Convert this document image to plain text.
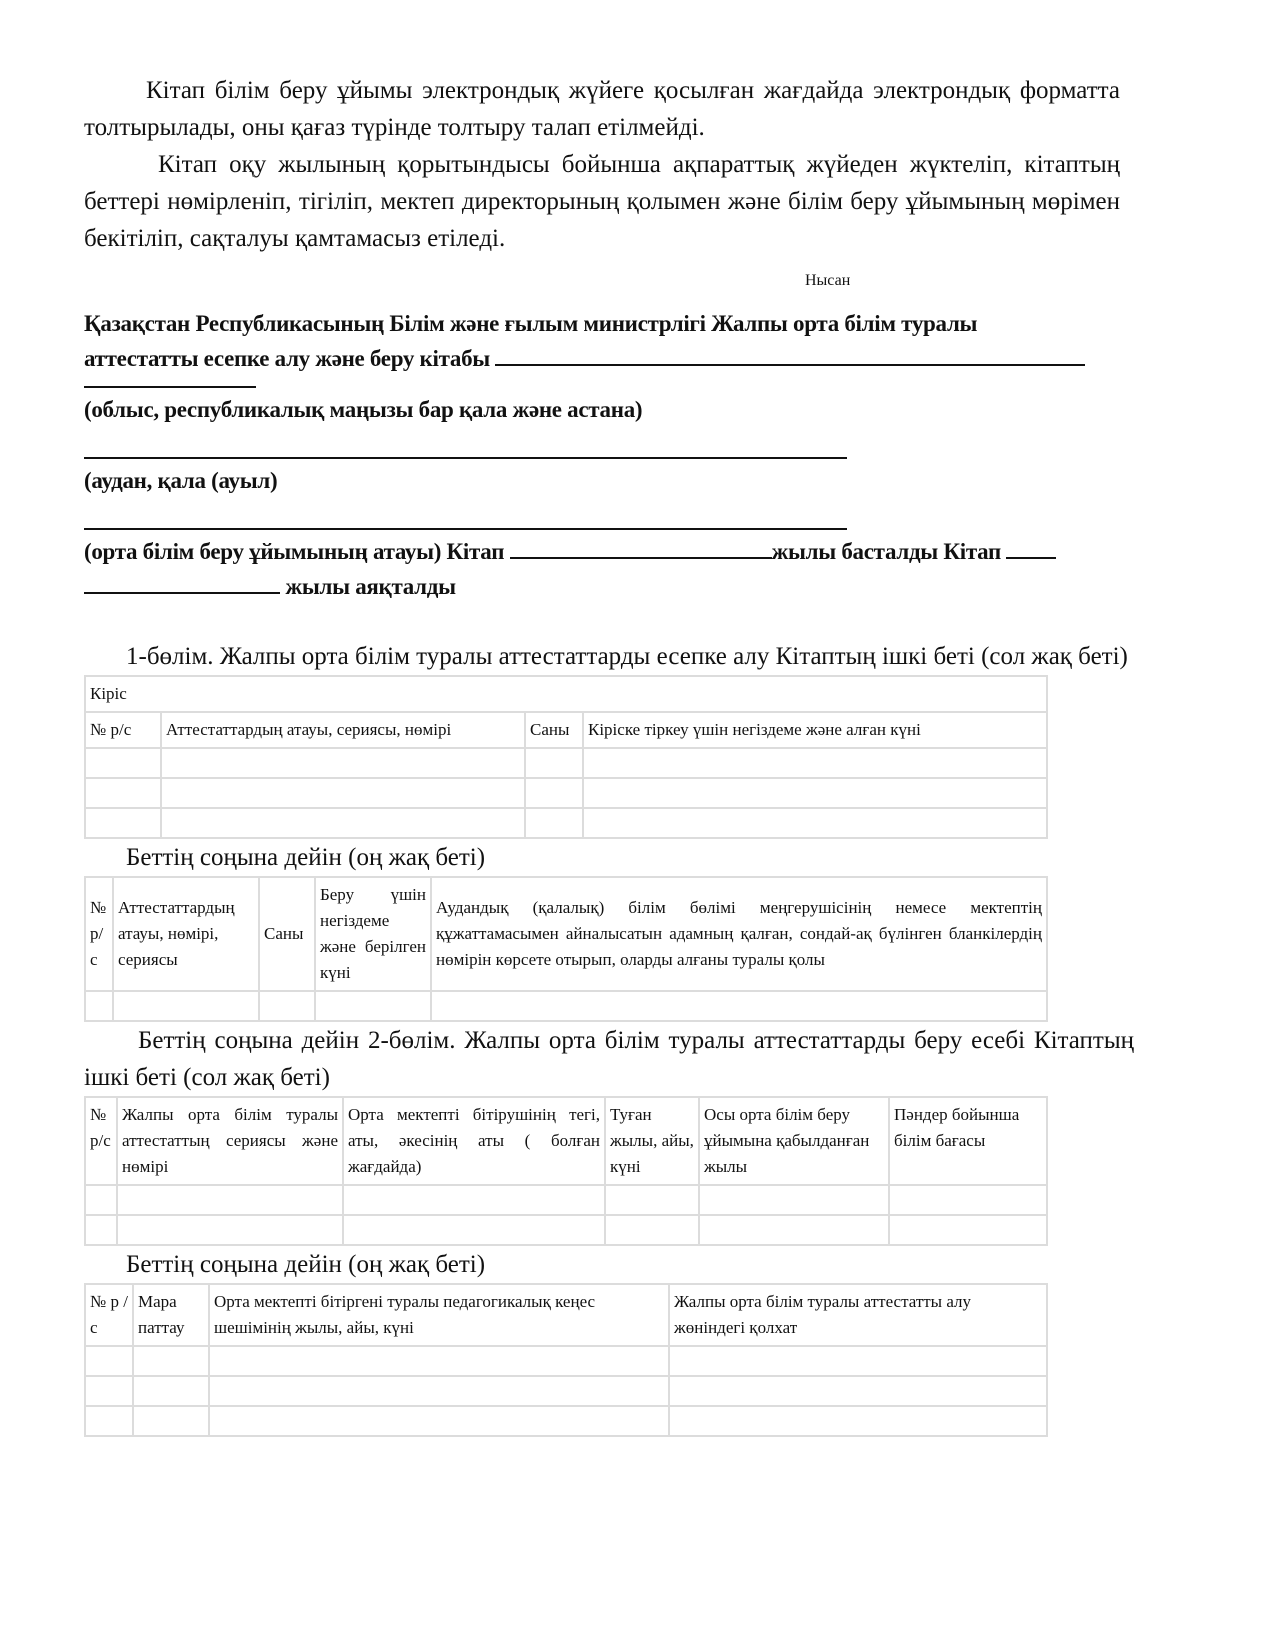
Кітап білім беру ұйымы электрондық жүйеге қосылған жағдайда электрондық форматта толтырылады, оны қағаз түрінде толтыру талап етілмейді.

Кітап оқу жылының қорытындысы бойынша ақпараттық жүйеден жүктеліп, кітаптың беттері нөмірленіп, тігіліп, мектеп директорының қолымен және білім беру ұйымының мөрімен бекітіліп, сақталуы қамтамасыз етіледі.

Нысан

Қазақстан Республикасының Білім және ғылым министрлігі Жалпы орта білім туралы

аттестатты есепке алу және беру кітабы

(облыс, республикалық маңызы бар қала және астана)

(аудан, қала (ауыл)

(орта білім беру ұйымының атауы) Кітап	жылы басталды Кітап

жылы аяқталды

1-бөлім. Жалпы орта білім туралы аттестаттарды есепке алу Кітаптың ішкі беті (сол жақ беті)

Кіріс			
№ р/с	Аттестаттардың атауы, сериясы, нөмірі	Саны	Кіріске тіркеу үшін негіздеме және алған күні

Беттің соңына дейін (оң жақ беті)

№ р/с	Аттестаттардың атауы, нөмірі, сериясы	Саны	Беру үшін негіздеме және берілген күні	Аудандық (қалалық) білім бөлімі меңгерушісінің немесе мектептің құжаттамасымен айналысатын адамның қалған, сондай-ақ бүлінген бланкілердің нөмірін көрсете отырып, оларды алғаны туралы қолы

Беттің соңына дейін 2-бөлім. Жалпы орта білім туралы аттестаттарды беру есебі Кітаптың ішкі беті (сол жақ беті)

№ р/с	Жалпы орта білім туралы аттестаттың сериясы және нөмірі	Орта мектепті бітірушінің тегі, аты, әкесінің аты ( болған жағдайда)	Туған жылы, айы, күні	Осы орта білім беру ұйымына қабылданған жылы	Пәндер бойынша білім бағасы

Беттің соңына дейін (оң жақ беті)

№ р /с	Мара паттау	Орта мектепті бітіргені туралы педагогикалық кеңес шешімінің жылы, айы, күні	Жалпы орта білім туралы аттестатты алу жөніндегі қолхат
